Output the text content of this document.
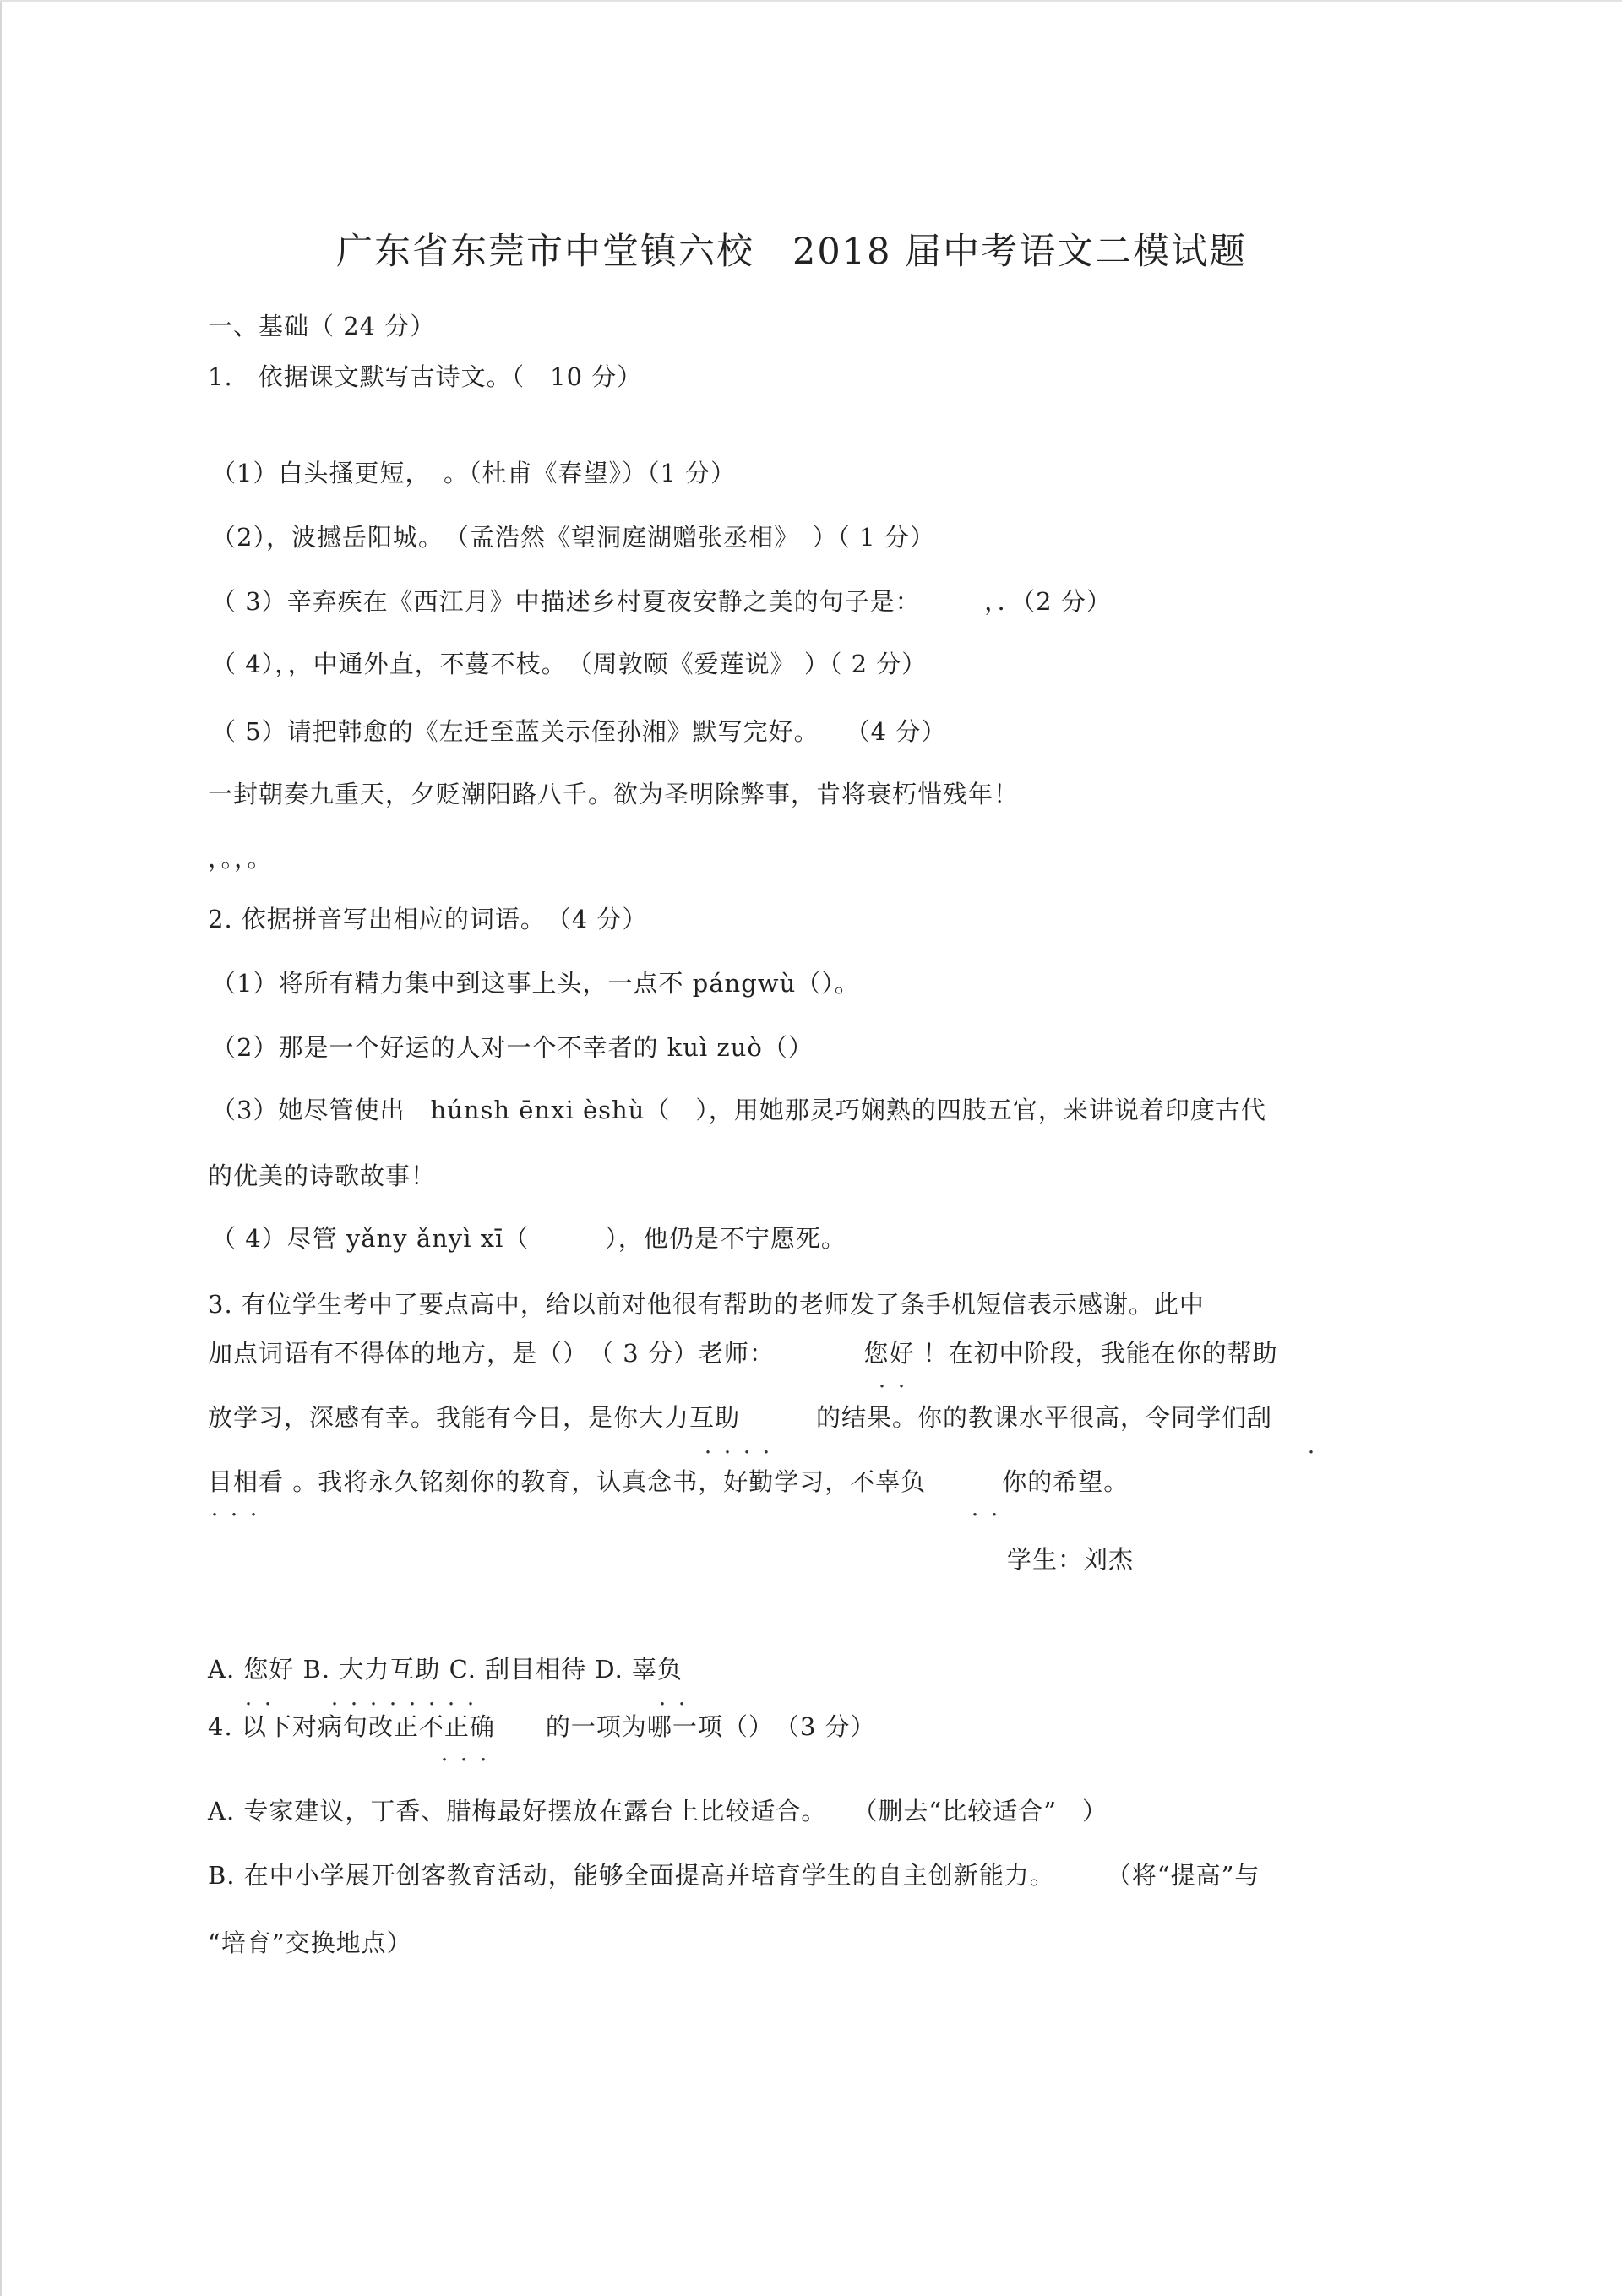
广东省东莞市中堂镇六校　2018 届中考语文二模试题
一、基础（ 24 分）
1.　依据课文默写古诗文。（　10 分）
（1）白头搔更短，　。（杜甫《春望》）（1 分）
（2），波撼岳阳城。　（孟浩然《望洞庭湖赠张丞相》　）（ 1 分）
（ 3）辛弃疾在《西江月》中描述乡村夏夜安静之美的句子是：　　　，．（2 分）
（ 4），，中通外直，不蔓不枝。　（周敦颐《爱莲说》 ）（ 2 分）
（ 5）请把韩愈的《左迁至蓝关示侄孙湘》默写完好。　　（4 分）
一封朝奏九重天，夕贬潮阳路八千。欲为圣明除弊事，肯将衰朽惜残年！
，。，。
2. 依据拼音写出相应的词语。　（4 分）
（1）将所有精力集中到这事上头，一点不 pángwù（）。
（2）那是一个好运的人对一个不幸者的 kuì zuò（）
（3）她尽管使出　húnsh ēnxi èshù（　），用她那灵巧娴熟的四肢五官，来讲说着印度古代
的优美的诗歌故事！
（ 4）尽管 yǎny ǎnyì xī（　　　），他仍是不宁愿死。
3. 有位学生考中了要点高中，给以前对他很有帮助的老师发了条手机短信表示感谢。此中
加点词语有不得体的地方，是（）　（ 3 分）老师：　　　　您好 ！在初中阶段，我能在你的帮助
．．
放学习，深感有幸。我能有今日，是你大力互助　　　的结果。你的教课水平很高，令同学们刮
．．．．	．
目相看 。我将永久铭刻你的教育，认真念书，好勤学习，不辜负　　　你的希望。
．．．	．．
学生：刘杰
A. 您好 B. 大力互助 C. 刮目相待 D. 辜负
．． ．．．．．．．．	．．
4. 以下对病句改正不正确　　的一项为哪一项（）　（3 分）
．．．
A. 专家建议，丁香、腊梅最好摆放在露台上比较适合。　　（删去“比较适合”　）
B. 在中小学展开创客教育活动，能够全面提高并培育学生的自主创新能力。　　　（将“提高”与
“培育”交换地点）
